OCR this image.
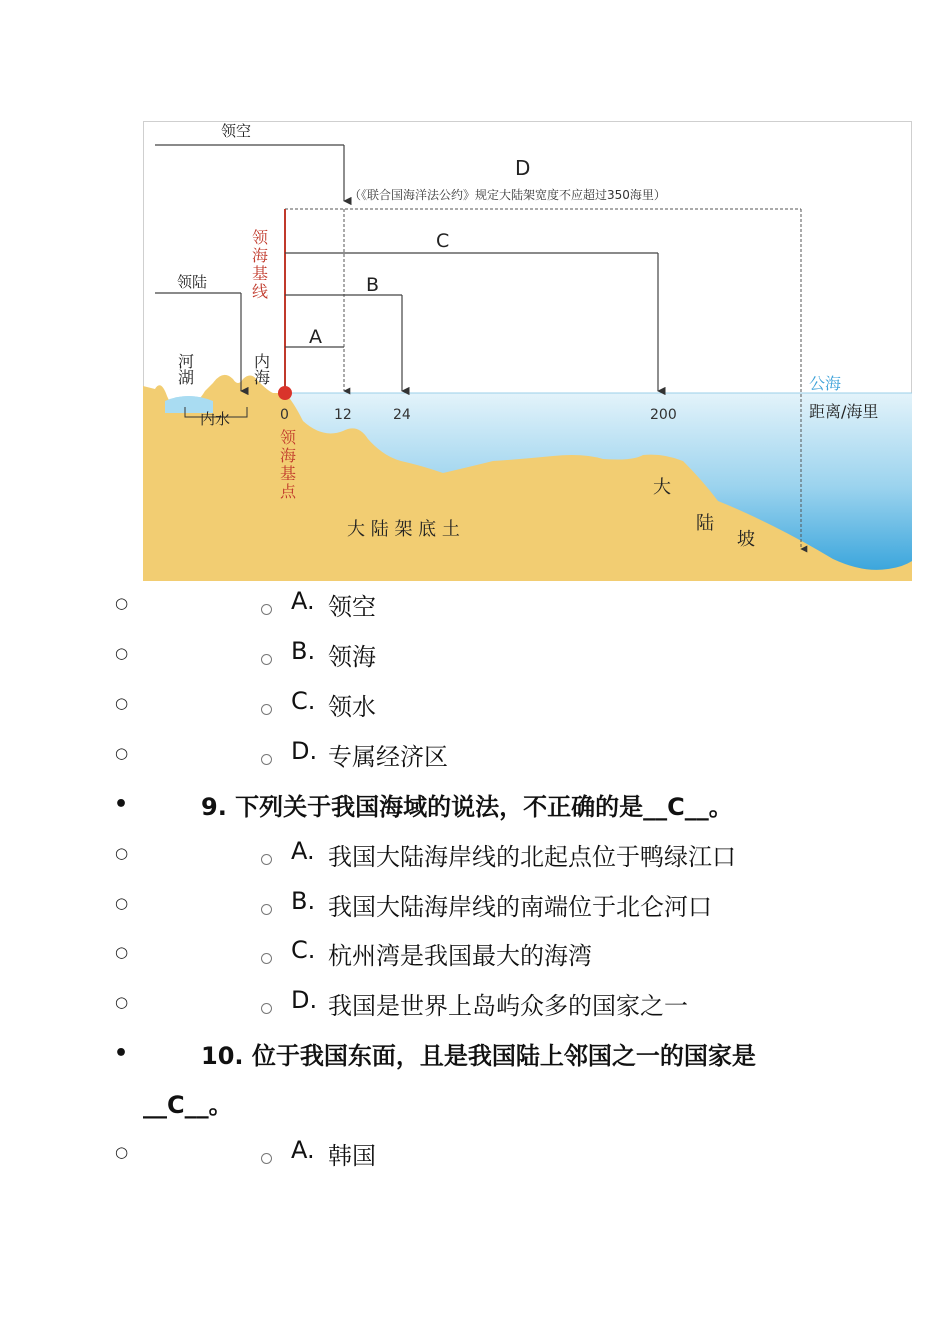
领空
D
（《联合国海洋法公约》规定大陆架宽度不应超过350海里）
C
B
A
领陆	领海基线
领海基点
内海
河湖
内水	0	12	24	200
公海
距离/海里
大 陆 架 底 土
大
陆
坡
○	A. 领空
○	B. 领海
○	C. 领水
○	D. 专属经济区
•	9. 下列关于我国海域的说法，不正确的是__C__。
○	A. 我国大陆海岸线的北起点位于鸭绿江口
○	B. 我国大陆海岸线的南端位于北仑河口
○	C. 杭州湾是我国最大的海湾
○	D. 我国是世界上岛屿众多的国家之一
•	10. 位于我国东面，且是我国陆上邻国之一的国家是
__C__。
○	A. 韩国
